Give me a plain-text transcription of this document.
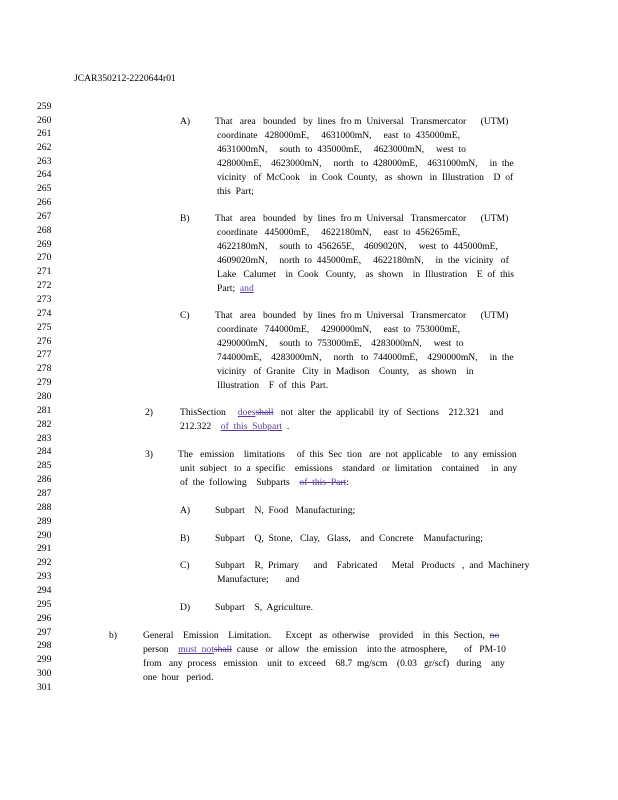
JCAR350212-2220644r01
259
260
261
262
263
264
265
266
267
268
269
270
271
272
273
274
275
276
277
278
279
280
281
282
283
284
285
286
287
288
289
290
291
292
293
294
295
296
297
298
299
300
301
A)	That   area   bounded   by  lines  fro m  Universal   Transmercator      (UTM)
coordinate   428000mE,     4631000mN,     east  to  435000mE,
4631000mN,     south  to  435000mE,     4623000mN,     west  to
428000mE,    4623000mN,     north   to  428000mE,    4631000mN,     in  the
vicinity   of  McCook    in  Cook  County,   as  shown   in  Illustration    D  of
this  Part;
B)	That   area   bounded   by  lines  fro m  Universal   Transmercator      (UTM)
coordinate   445000mE,     4622180mN,     east  to  456265mE,
4622180mN,     south  to  456265E,    4609020N,     west  to  445000mE,
4609020mN,     north  to  445000mE,     4622180mN,     in  the  vicinity   of
Lake   Calumet    in  Cook   County,    as  shown    in  Illustration    E  of  this
Part; and
C)	That   area   bounded   by  lines  fro m  Universal   Transmercator      (UTM)
coordinate   744000mE,     4290000mN,     east  to  753000mE,
4290000mN,     south  to  753000mE,    4283000mN,     west  to
744000mE,    4283000mN,     north   to  744000mE,    4290000mN,     in  the
vicinity   of  Granite   City  in  Madison    County,    as  shown    in
Illustration    F  of  this  Part.
2)	ThisSection doesshall   not  alter  the  applicabil  ity  of  Sections    212.321    and
212.322 of  this  Subpart  .
3)	The   emission    limitations     of  this  Sec  tion   are  not  applicable    to  any  emission
unit  subject   to  a  specific    emissions    standard   or  limitation    contained     in  any
of  the  following    Subparts of  this  Part:
A)	Subpart    N,  Food   Manufacturing;
B)	Subpart    Q,  Stone,   Clay,   Glass,    and  Concrete    Manufacturing;
C)	Subpart    R,  Primary      and    Fabricated      Metal   Products   ,  and  Machinery
Manufacture;       and
D)	Subpart    S,  Agriculture.
b)	General    Emission    Limitation.      Except   as  otherwise    provided    in  this  Section, no
person must  notshall  cause   or  allow   the  emission    into the  atmosphere,       of   PM-10
from   any  process   emission    unit  to  exceed    68.7  mg/scm    (0.03   gr/scf)   during    any
one  hour   period.
